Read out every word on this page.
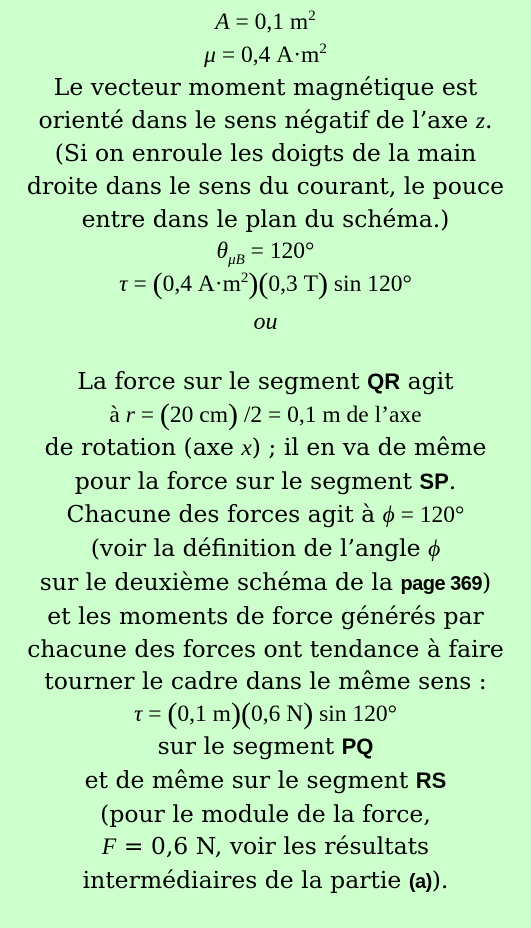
A = 0,1 $m^2$
μ = 0,4 $A\cdot m^2$
Le vecteur moment magnétique est
orienté dans le sens négatif de l’axe z.
(Si on enroule les doigts de la main
droite dans le sens du courant, le pouce
entre dans le plan du schéma.)
$\theta_{\mu B} = 120^\circ$
τ = (0,4 $A\cdot m^2)(0,3$ T) sin 120°
ou
La force sur le segment QR agit
à r = (20 cm) /2 = 0,1 m de l’axe
de rotation (axe x) ; il en va de même
pour la force sur le segment SP.
Chacune des forces agit à ϕ = 120°
(voir la définition de l’angle ϕ
sur le deuxième schéma de la page 369)
et les moments de force générés par
chacune des forces ont tendance à faire
tourner le cadre dans le même sens :
τ = (0,1 m)(0,6 N) sin 120°
sur le segment PQ
et de même sur le segment RS
(pour le module de la force,
F = 0,6 N, voir les résultats
intermédiaires de la partie (a)).
